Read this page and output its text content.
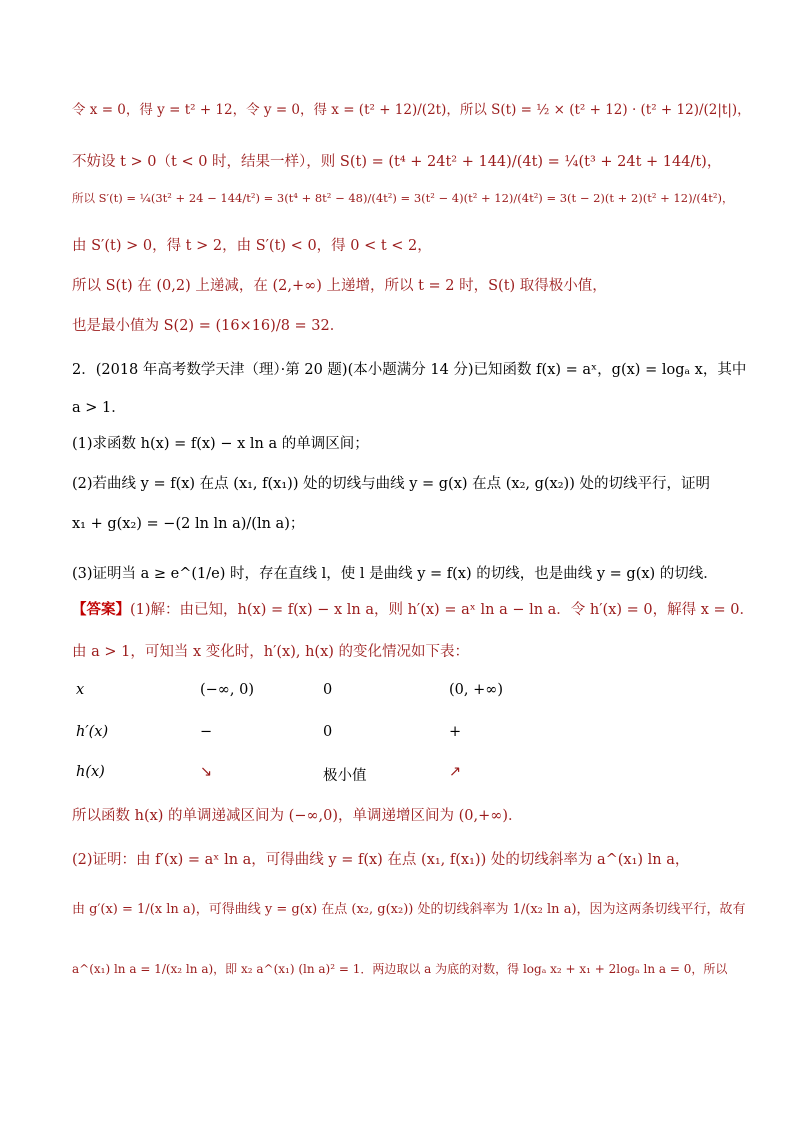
令 x = 0，得 y = t² + 12，令 y = 0，得 x = (t² + 12)/(2t)，所以 S(t) = ½ × (t² + 12) · (t² + 12)/(2|t|)，
不妨设 t > 0（t < 0 时，结果一样），则 S(t) = (t⁴ + 24t² + 144)/(4t) = ¼(t³ + 24t + 144/t)，
所以 S′(t) = ¼(3t² + 24 − 144/t²) = 3(t⁴ + 8t² − 48)/(4t²) = 3(t² − 4)(t² + 12)/(4t²) = 3(t − 2)(t + 2)(t² + 12)/(4t²)，
由 S′(t) > 0，得 t > 2，由 S′(t) < 0，得 0 < t < 2，
所以 S(t) 在 (0,2) 上递减，在 (2,+∞) 上递增，所以 t = 2 时，S(t) 取得极小值，
也是最小值为 S(2) = (16×16)/8 = 32．
2．(2018 年高考数学天津（理）·第 20 题)(本小题满分 14 分)已知函数 f(x) = aˣ，g(x) = logₐ x，其中
a > 1．
(1)求函数 h(x) = f(x) − x ln a 的单调区间；
(2)若曲线 y = f(x) 在点 (x₁, f(x₁)) 处的切线与曲线 y = g(x) 在点 (x₂, g(x₂)) 处的切线平行，证明
x₁ + g(x₂) = −(2 ln ln a)/(ln a)；
(3)证明当 a ≥ e^(1/e) 时，存在直线 l，使 l 是曲线 y = f(x) 的切线，也是曲线 y = g(x) 的切线．
【答案】(1)解：由已知，h(x) = f(x) − x ln a，则 h′(x) = aˣ ln a − ln a．令 h′(x) = 0，解得 x = 0．
由 a > 1，可知当 x 变化时，h′(x), h(x) 的变化情况如下表：
x	(−∞, 0)	0	(0, +∞)
h′(x)	−	0	+
h(x)	↘	极小值	↗
所以函数 h(x) 的单调递减区间为 (−∞,0)，单调递增区间为 (0,+∞)．
(2)证明：由 f′(x) = aˣ ln a，可得曲线 y = f(x) 在点 (x₁, f(x₁)) 处的切线斜率为 a^(x₁) ln a，
由 g′(x) = 1/(x ln a)，可得曲线 y = g(x) 在点 (x₂, g(x₂)) 处的切线斜率为 1/(x₂ ln a)，因为这两条切线平行，故有
a^(x₁) ln a = 1/(x₂ ln a)，即 x₂ a^(x₁) (ln a)² = 1．两边取以 a 为底的对数，得 logₐ x₂ + x₁ + 2logₐ ln a = 0，所以
